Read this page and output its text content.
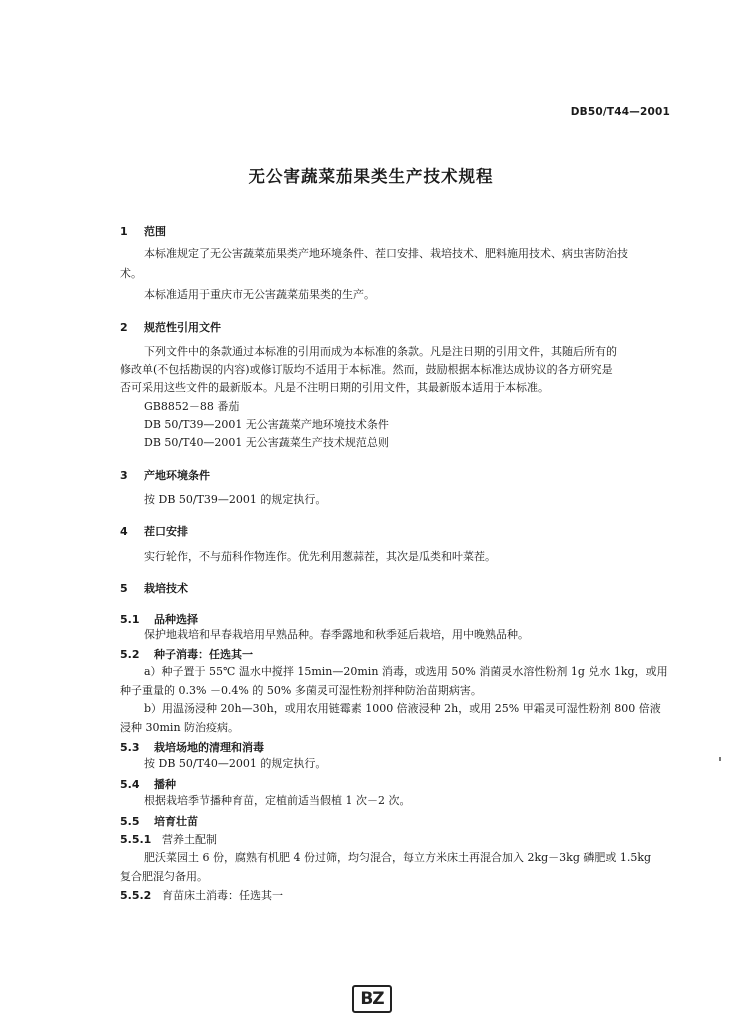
DB50/T44—2001
无公害蔬菜茄果类生产技术规程
1 范围
本标准规定了无公害蔬菜茄果类产地环境条件、茬口安排、栽培技术、肥料施用技术、病虫害防治技
术。
本标准适用于重庆市无公害蔬菜茄果类的生产。
2 规范性引用文件
下列文件中的条款通过本标准的引用而成为本标准的条款。凡是注日期的引用文件，其随后所有的
修改单(不包括勘误的内容)或修订版均不适用于本标准。然而，鼓励根据本标准达成协议的各方研究是
否可采用这些文件的最新版本。凡是不注明日期的引用文件，其最新版本适用于本标准。
GB8852－88 番茄
DB 50/T39—2001 无公害蔬菜产地环境技术条件
DB 50/T40—2001 无公害蔬菜生产技术规范总则
3 产地环境条件
按 DB 50/T39—2001 的规定执行。
4 茬口安排
实行轮作，不与茄科作物连作。优先利用葱蒜茬，其次是瓜类和叶菜茬。
5 栽培技术
5.1 品种选择
保护地栽培和早春栽培用早熟品种。春季露地和秋季延后栽培，用中晚熟品种。
5.2 种子消毒：任选其一
a）种子置于 55℃ 温水中搅拌 15min—20min 消毒，或选用 50% 消菌灵水溶性粉剂 1g 兑水 1kg，或用
种子重量的 0.3% －0.4% 的 50% 多菌灵可湿性粉剂拌种防治苗期病害。
b）用温汤浸种 20h—30h，或用农用链霉素 1000 倍液浸种 2h，或用 25% 甲霜灵可湿性粉剂 800 倍液
浸种 30min 防治疫病。
5.3 栽培场地的清理和消毒
按 DB 50/T40—2001 的规定执行。
5.4 播种
根据栽培季节播种育苗，定植前适当假植 1 次－2 次。
5.5 培育壮苗
5.5.1 营养土配制
肥沃菜园土 6 份，腐熟有机肥 4 份过筛，均匀混合，每立方米床土再混合加入 2kg－3kg 磷肥或 1.5kg
复合肥混匀备用。
5.5.2 育苗床土消毒：任选其一
BZ
